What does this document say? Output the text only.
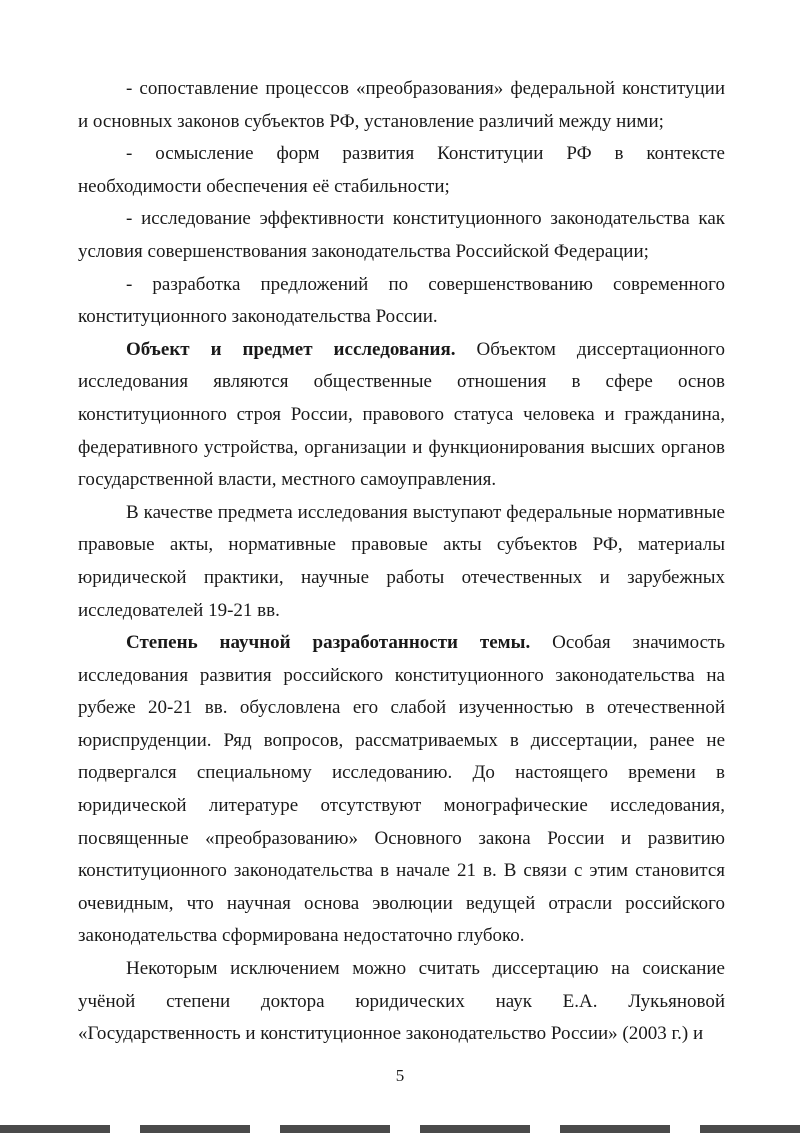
- сопоставление процессов «преобразования» федеральной конституции и основных законов субъектов РФ, установление различий между ними;

- осмысление форм развития Конституции РФ в контексте необходимости обеспечения её стабильности;

- исследование эффективности конституционного законодательства как условия совершенствования законодательства Российской Федерации;

- разработка предложений по совершенствованию современного конституционного законодательства России.

Объект и предмет исследования. Объектом диссертационного исследования являются общественные отношения в сфере основ конституционного строя России, правового статуса человека и гражданина, федеративного устройства, организации и функционирования высших органов государственной власти, местного самоуправления.

В качестве предмета исследования выступают федеральные нормативные правовые акты, нормативные правовые акты субъектов РФ, материалы юридической практики, научные работы отечественных и зарубежных исследователей 19-21 вв.

Степень научной разработанности темы. Особая значимость исследования развития российского конституционного законодательства на рубеже 20-21 вв. обусловлена его слабой изученностью в отечественной юриспруденции. Ряд вопросов, рассматриваемых в диссертации, ранее не подвергался специальному исследованию. До настоящего времени в юридической литературе отсутствуют монографические исследования, посвященные «преобразованию» Основного закона России и развитию конституционного законодательства в начале 21 в. В связи с этим становится очевидным, что научная основа эволюции ведущей отрасли российского законодательства сформирована недостаточно глубоко.

Некоторым исключением можно считать диссертацию на соискание учёной степени доктора юридических наук Е.А. Лукьяновой «Государственность и конституционное законодательство России» (2003 г.) и

5
